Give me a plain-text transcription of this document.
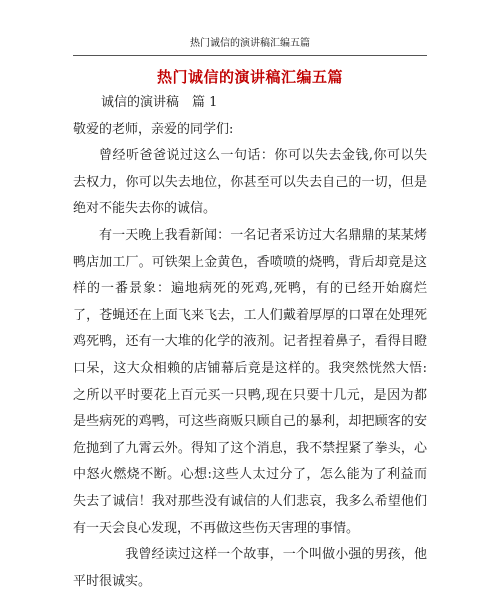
热门诚信的演讲稿汇编五篇
热门诚信的演讲稿汇编五篇

诚信的演讲稿　篇 1

敬爱的老师，亲爱的同学们:

曾经听爸爸说过这么一句话：你可以失去金钱,你可以失去权力，你可以失去地位，你甚至可以失去自己的一切，但是绝对不能失去你的诚信。

有一天晚上我看新闻：一名记者采访过大名鼎鼎的某某烤鸭店加工厂。可铁架上金黄色，香喷喷的烧鸭，背后却竟是这样的一番景象：遍地病死的死鸡,死鸭，有的已经开始腐烂了，苍蝇还在上面飞来飞去，工人们戴着厚厚的口罩在处理死鸡死鸭，还有一大堆的化学的液剂。记者捏着鼻子，看得目瞪口呆，这大众相赖的店铺幕后竟是这样的。我突然恍然大悟:之所以平时要花上百元买一只鸭,现在只要十几元，是因为都是些病死的鸡鸭，可这些商贩只顾自己的暴利，却把顾客的安危抛到了九霄云外。得知了这个消息，我不禁捏紧了拳头，心中怒火燃烧不断。心想:这些人太过分了，怎么能为了利益而失去了诚信！我对那些没有诚信的人们悲哀，我多么希望他们有一天会良心发现，不再做这些伤天害理的事情。

　　我曾经读过这样一个故事，一个叫做小强的男孩，他平时很诚实。
